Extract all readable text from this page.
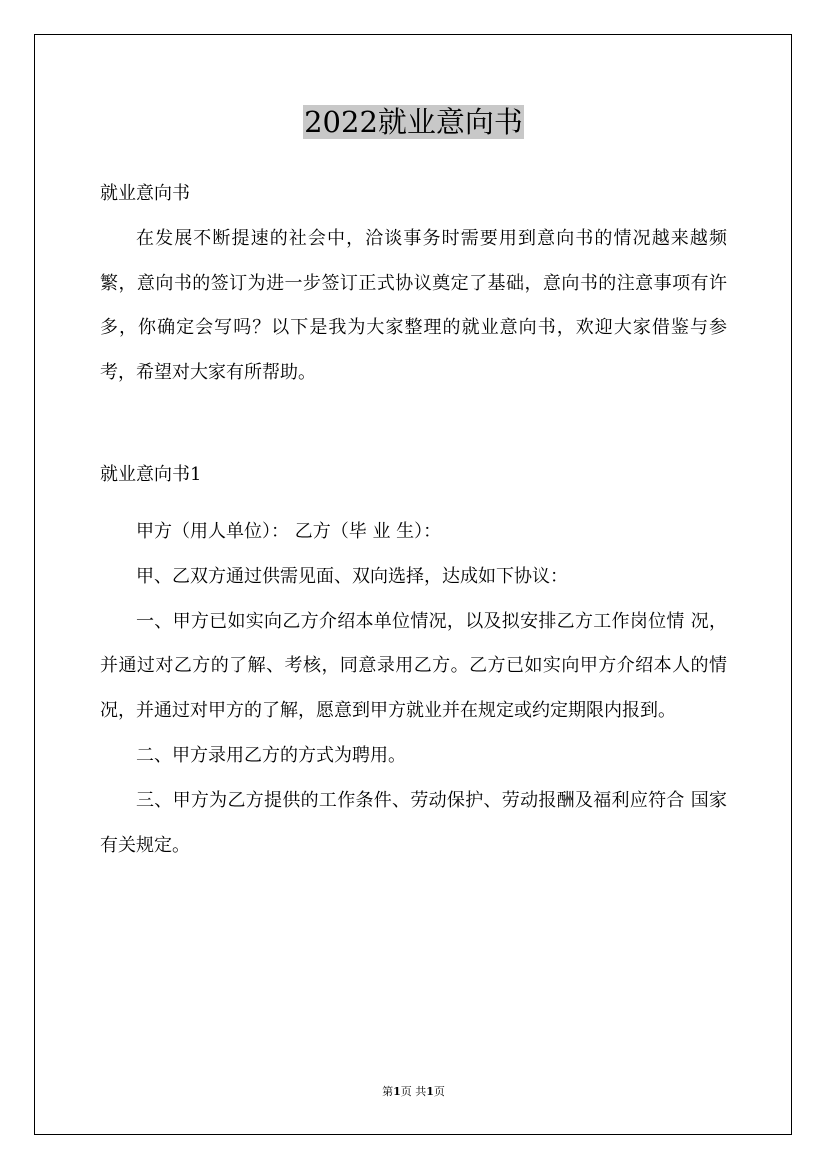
2022就业意向书

就业意向书

在发展不断提速的社会中，洽谈事务时需要用到意向书的情况越来越频繁，意向书的签订为进一步签订正式协议奠定了基础，意向书的注意事项有许多，你确定会写吗？以下是我为大家整理的就业意向书，欢迎大家借鉴与参考，希望对大家有所帮助。

就业意向书1

甲方（用人单位）： 乙方（毕 业 生）：

甲、乙双方通过供需见面、双向选择，达成如下协议：

一、甲方已如实向乙方介绍本单位情况，以及拟安排乙方工作岗位情 况，并通过对乙方的了解、考核，同意录用乙方。乙方已如实向甲方介绍本人的情况，并通过对甲方的了解，愿意到甲方就业并在规定或约定期限内报到。

二、甲方录用乙方的方式为聘用。

三、甲方为乙方提供的工作条件、劳动保护、劳动报酬及福利应符合 国家有关规定。

第1页 共1页
